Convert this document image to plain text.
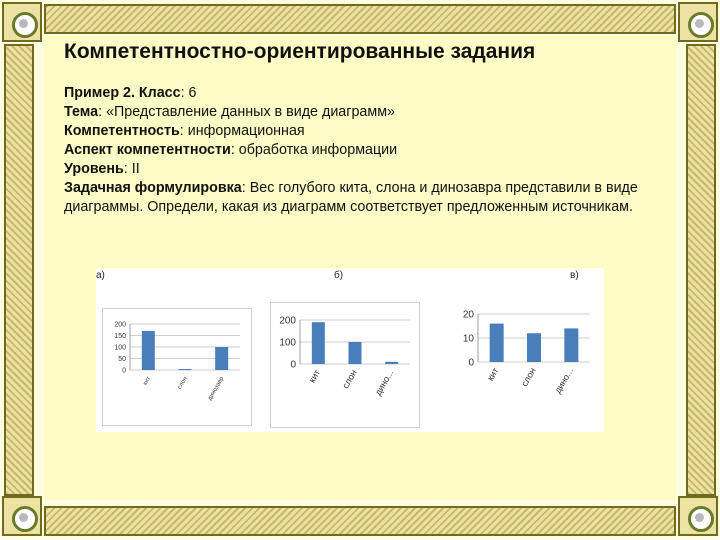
Компетентностно-ориентированные задания
Пример 2. Класс: 6
Тема: «Представление данных в виде диаграмм»
Компетентность: информационная
Аспект компетентности: обработка информации
Уровень: II
Задачная формулировка: Вес голубого кита, слона и динозавра представили в виде диаграммы. Определи, какая из диаграмм соответствует предложенным источникам.
а)	б)	в)
0
50
100
150
200
кит	слон	динозавр
0
100
200
кит слон дино...
0
10
20
кит слон дино...
